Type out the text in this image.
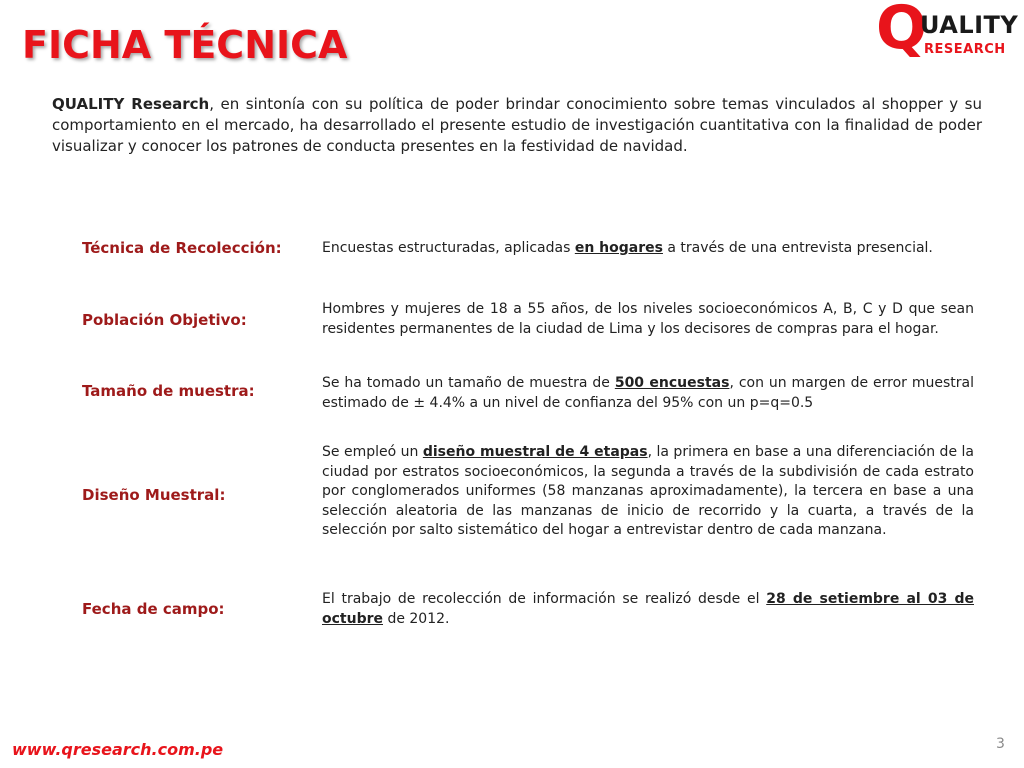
FICHA TÉCNICA	Q
UALITY
RESEARCH

QUALITY Research, en sintonía con su política de poder brindar conocimiento sobre temas vinculados al shopper y su comportamiento en el mercado, ha desarrollado el presente estudio de investigación cuantitativa con la finalidad de poder visualizar y conocer los patrones de conducta presentes en la festividad de navidad.

Técnica de Recolección:	Encuestas estructuradas, aplicadas en hogares a través de una entrevista presencial.
Población Objetivo:
Hombres y mujeres de 18 a 55 años, de los niveles socioeconómicos A, B, C y D que sean residentes permanentes de la ciudad de Lima y los decisores de compras para el hogar.
Tamaño de muestra:	Se ha tomado un tamaño de muestra de 500 encuestas, con un margen de error muestral estimado de ± 4.4% a un nivel de confianza del 95% con un p=q=0.5
Diseño Muestral:
Se empleó un diseño muestral de 4 etapas, la primera en base a una diferenciación de la ciudad por estratos socioeconómicos, la segunda a través de la subdivisión de cada estrato por conglomerados uniformes (58 manzanas aproximadamente), la tercera en base a una selección aleatoria de las manzanas de inicio de recorrido y la cuarta, a través de la selección por salto sistemático del hogar a entrevistar dentro de cada manzana.
Fecha de campo:
El trabajo de recolección de información se realizó desde el 28 de setiembre al 03 de octubre de 2012.
www.qresearch.com.pe	3
